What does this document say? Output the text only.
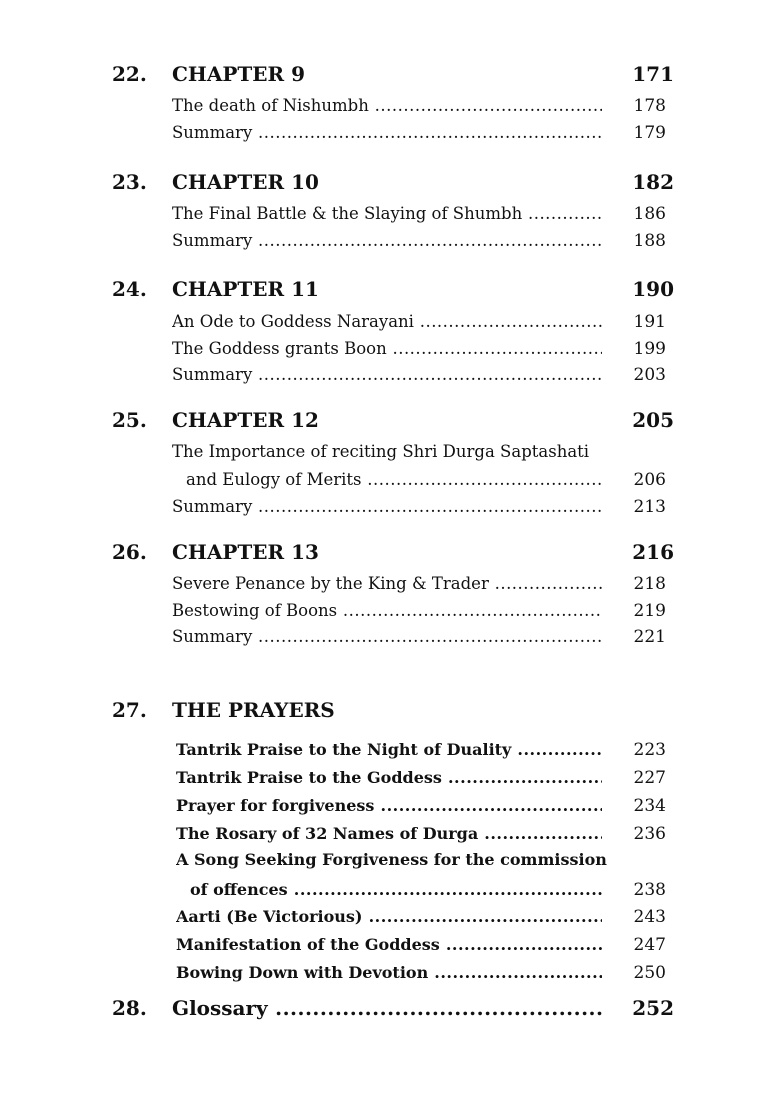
22.	CHAPTER 9	171
The death of Nishumbh .....	178
Summary .....	179
23.	CHAPTER 10	182
The Final Battle & the Slaying of Shumbh .....	186
Summary .....	188
24.	CHAPTER 11	190
An Ode to Goddess Narayani .....	191
The Goddess grants Boon .....	199
Summary .....	203
25.	CHAPTER 12	205
The Importance of reciting Shri Durga Saptashati
and Eulogy of Merits .....	206
Summary .....	213
26.	CHAPTER 13	216
Severe Penance by the King & Trader .....	218
Bestowing of Boons .....	219
Summary .....	221
27.	THE PRAYERS
Tantrik Praise to the Night of Duality .....	223
Tantrik Praise to the Goddess .....	227
Prayer for forgiveness .....	234
The Rosary of 32 Names of Durga .....	236
A Song Seeking Forgiveness for the commission
of offences .....	238
Aarti (Be Victorious) .....	243
Manifestation of the Goddess .....	247
Bowing Down with Devotion .....	250
28.	Glossary .....	252
